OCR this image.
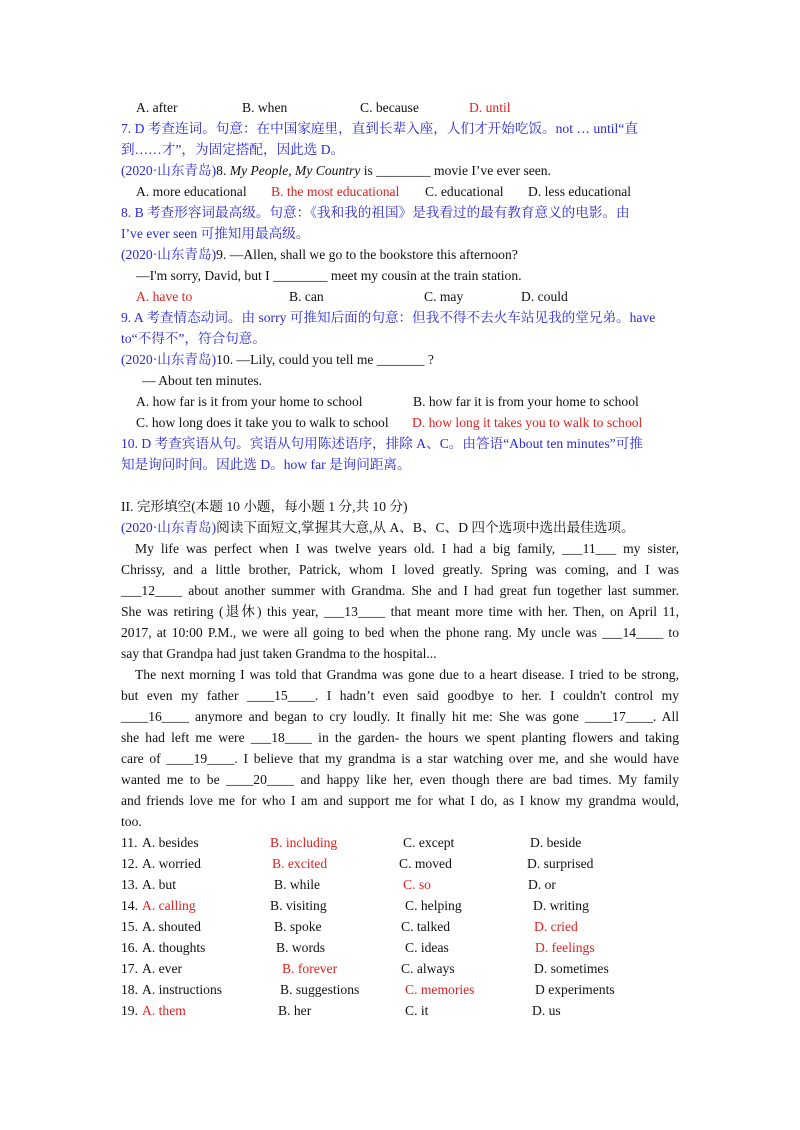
A. after	B. when	C. because	D. until
7. D 考查连词。句意：在中国家庭里，直到长辈入座，人们才开始吃饭。not … until“直
到……才”，为固定搭配，因此选 D。
(2020·山东青岛)8. My People, My Country is ________ movie I’ve ever seen.
A. more educational B. the most educational C. educational D. less educational
8. B 考查形容词最高级。句意：《我和我的祖国》是我看过的最有教育意义的电影。由
I’ve ever seen 可推知用最高级。
(2020·山东青岛)9. —Allen, shall we go to the bookstore this afternoon?
—I'm sorry, David, but I ________ meet my cousin at the train station.
A. have to	B. can	C. may	D. could
9. A 考查情态动词。由 sorry 可推知后面的句意：但我不得不去火车站见我的堂兄弟。have
to“不得不”，符合句意。
(2020·山东青岛)10. —Lily, could you tell me _______ ?
— About ten minutes.
A. how far is it from your home to school	B. how far it is from your home to school
C. how long does it take you to walk to school D. how long it takes you to walk to school
10. D 考查宾语从句。宾语从句用陈述语序，排除 A、C。由答语“About ten minutes”可推
知是询问时间。因此选 D。how far 是询问距离。
II. 完形填空(本题 10 小题，每小题 1 分,共 10 分)
(2020·山东青岛)阅读下面短文,掌握其大意,从 A、B、C、D 四个选项中选出最佳选项。
My life was perfect when I was twelve years old. I had a big family, ___11___ my sister,
Chrissy, and a little brother, Patrick, whom I loved greatly. Spring was coming, and I was
___12____ about another summer with Grandma. She and I had great fun together last summer.
She was retiring (退休) this year, ___13____ that meant more time with her. Then, on April 11,
2017, at 10:00 P.M., we were all going to bed when the phone rang. My uncle was ___14____ to
say that Grandpa had just taken Grandma to the hospital...
The next morning I was told that Grandma was gone due to a heart disease. I tried to be strong,
but even my father ____15____. I hadn’t even said goodbye to her. I couldn't control my
____16____ anymore and began to cry loudly. It finally hit me: She was gone ____17____. All
she had left me were ___18____ in the garden- the hours we spent planting flowers and taking
care of ____19____. I believe that my grandma is a star watching over me, and she would have
wanted me to be ____20____ and happy like her, even though there are bad times. My family
and friends love me for who I am and support me for what I do, as I know my grandma would,
too.
11. A. besides	B. including	C. except	D. beside
12. A. worried	B. excited	C. moved	D. surprised
13. A. but	B. while	C. so	D. or
14. A. calling	B. visiting	C. helping	D. writing
15. A. shouted	B. spoke	C. talked	D. cried
16. A. thoughts	B. words	C. ideas	D. feelings
17. A. ever	B. forever	C. always	D. sometimes
18. A. instructions	B. suggestions	C. memories	D experiments
19. A. them	B. her	C. it	D. us
